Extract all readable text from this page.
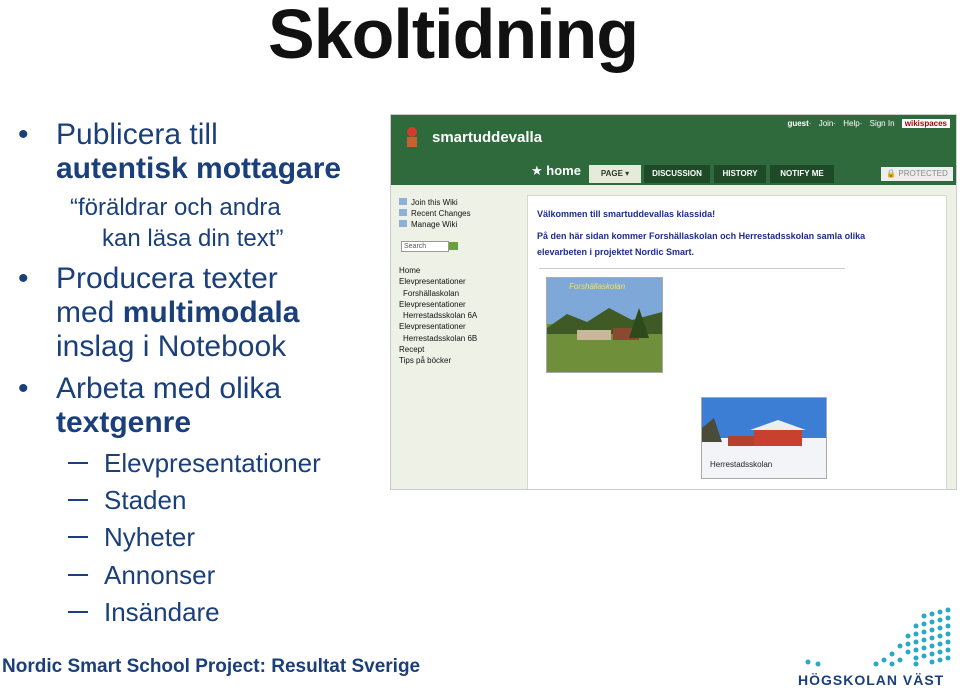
Skoltidning
• Publicera till
autentisk mottagare
“föräldrar och andra
kan läsa din text”
• Producera texter
med multimodala
inslag i Notebook
• Arbeta med olika
textgenre
Elevpresentationer
Staden
Nyheter
Annonser
Insändare
smartuddevalla
guest· Join· Help· Sign In wikispaces
★ home	PAGE ▾	DISCUSSION	HISTORY	NOTIFY ME	🔒 PROTECTED
Join this Wiki
Recent Changes
Manage Wiki
Search
Home
Elevpresentationer
Forshällaskolan
Elevpresentationer
Herrestadsskolan 6A
Elevpresentationer
Herrestadsskolan 6B
Recept
Tips på böcker
Välkommen till smartuddevallas klassida!
På den här sidan kommer Forshällaskolan och Herrestadsskolan samla olika elevarbeten i projektet Nordic Smart.
Forshällaskolan
Herrestadsskolan
Nordic Smart School Project: Resultat Sverige
HÖGSKOLAN VÄST
